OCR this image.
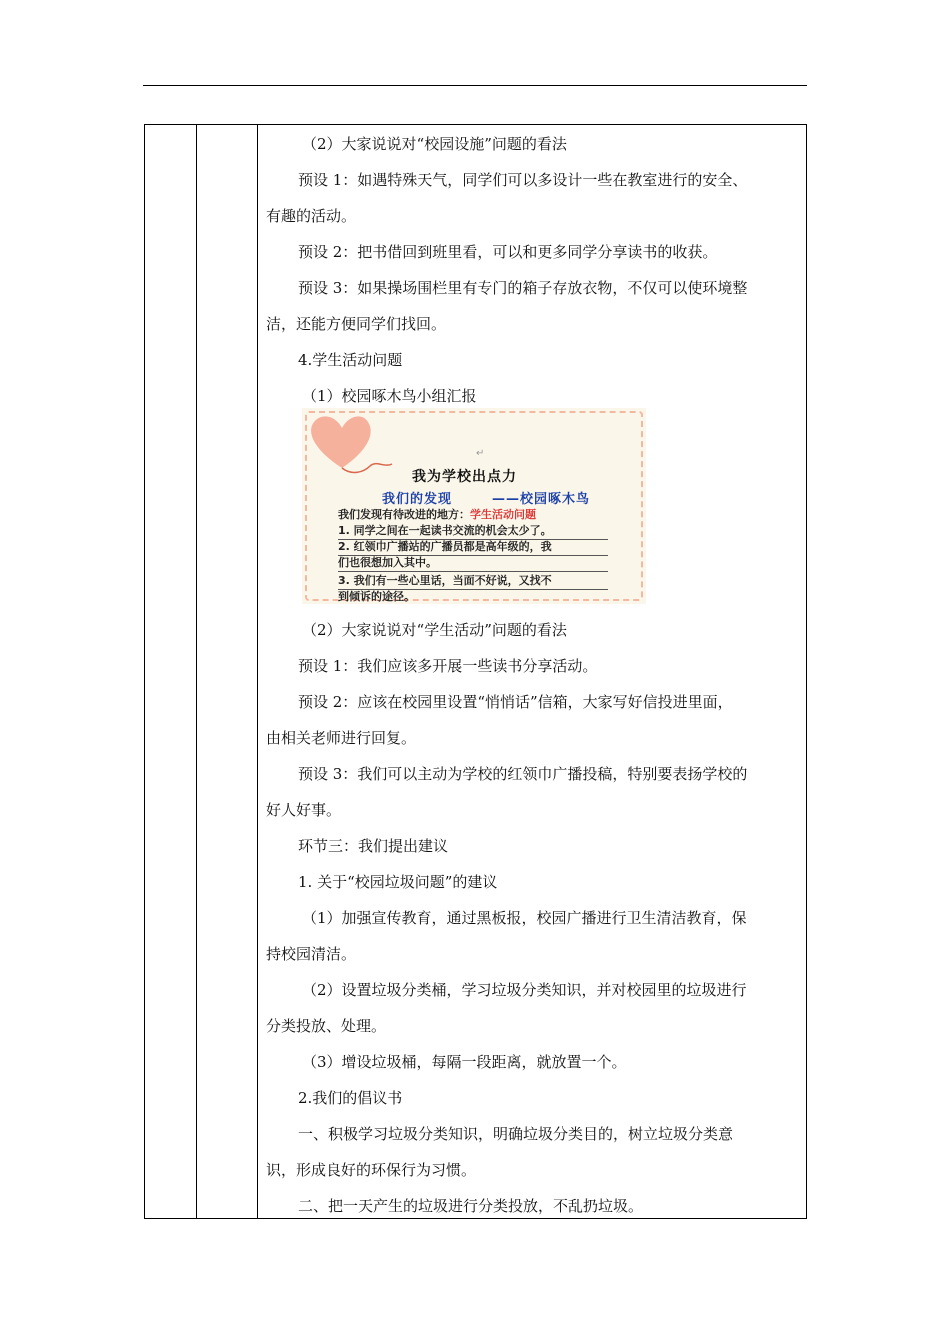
（2）大家说说对“校园设施”问题的看法

预设 1：如遇特殊天气，同学们可以多设计一些在教室进行的安全、

有趣的活动。

预设 2：把书借回到班里看，可以和更多同学分享读书的收获。

预设 3：如果操场围栏里有专门的箱子存放衣物，不仅可以使环境整

洁，还能方便同学们找回。

4.学生活动问题

（1）校园啄木鸟小组汇报

↵
我为学校出点力
我们的发现	——校园啄木鸟
我们发现有待改进的地方：学生活动问题
1. 同学之间在一起读书交流的机会太少了。
2. 红领巾广播站的广播员都是高年级的，我
们也很想加入其中。
3. 我们有一些心里话，当面不好说，又找不
到倾诉的途径。

（2）大家说说对“学生活动”问题的看法

预设 1：我们应该多开展一些读书分享活动。

预设 2：应该在校园里设置“悄悄话”信箱，大家写好信投进里面，

由相关老师进行回复。

预设 3：我们可以主动为学校的红领巾广播投稿，特别要表扬学校的

好人好事。

环节三：我们提出建议

1. 关于“校园垃圾问题”的建议

（1）加强宣传教育，通过黑板报，校园广播进行卫生清洁教育，保

持校园清洁。

（2）设置垃圾分类桶，学习垃圾分类知识，并对校园里的垃圾进行

分类投放、处理。

（3）增设垃圾桶，每隔一段距离，就放置一个。

2.我们的倡议书

一、积极学习垃圾分类知识，明确垃圾分类目的，树立垃圾分类意

识，形成良好的环保行为习惯。

二、把一天产生的垃圾进行分类投放，不乱扔垃圾。
